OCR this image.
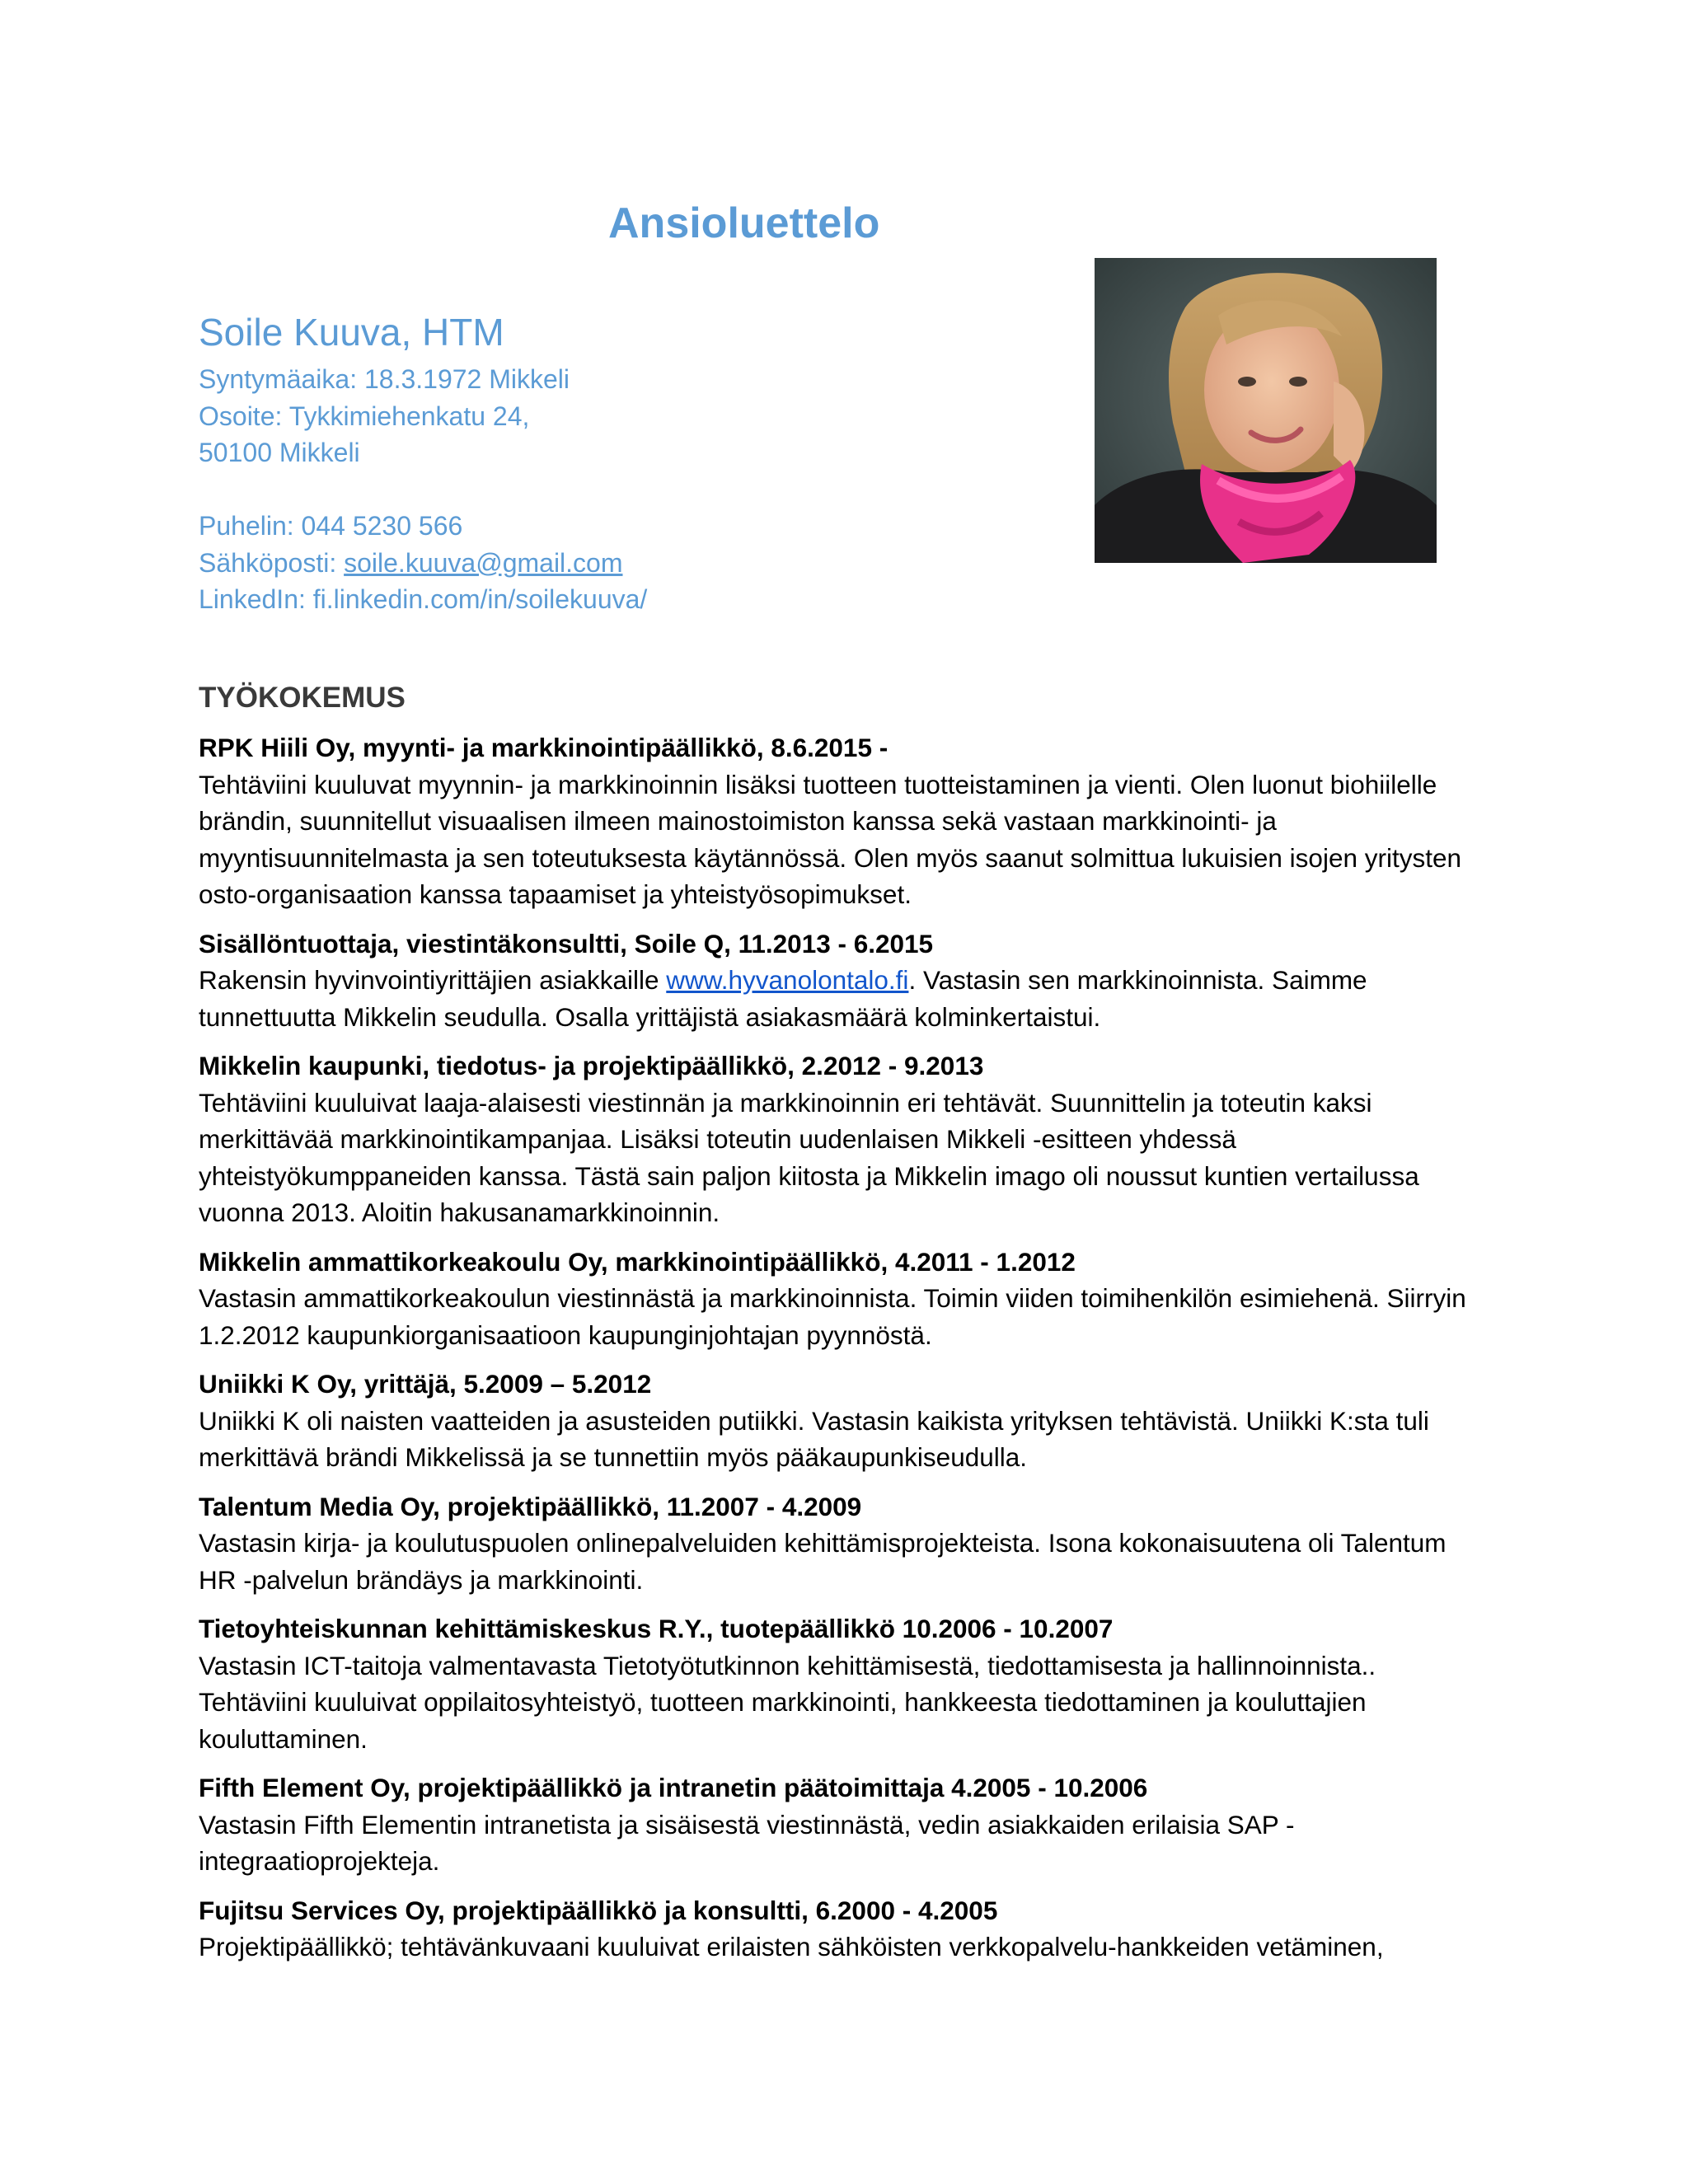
Ansioluettelo
Soile Kuuva, HTM
Syntymäaika: 18.3.1972 Mikkeli
Osoite: Tykkimiehenkatu 24,
50100 Mikkeli
Puhelin: 044 5230 566
Sähköposti: soile.kuuva@gmail.com
LinkedIn: fi.linkedin.com/in/soilekuuva/
TYÖKOKEMUS
RPK Hiili Oy, myynti- ja markkinointipäällikkö, 8.6.2015 -
Tehtäviini kuuluvat myynnin- ja markkinoinnin lisäksi tuotteen tuotteistaminen ja vienti. Olen luonut biohiilelle brändin, suunnitellut visuaalisen ilmeen mainostoimiston kanssa sekä vastaan markkinointi- ja myyntisuunnitelmasta ja sen toteutuksesta käytännössä. Olen myös saanut solmittua lukuisien isojen yritysten osto-organisaation kanssa tapaamiset ja yhteistyösopimukset.
Sisällöntuottaja, viestintäkonsultti, Soile Q, 11.2013 - 6.2015
Rakensin hyvinvointiyrittäjien asiakkaille www.hyvanolontalo.fi. Vastasin sen markkinoinnista. Saimme tunnettuutta Mikkelin seudulla. Osalla yrittäjistä asiakasmäärä kolminkertaistui.
Mikkelin kaupunki, tiedotus- ja projektipäällikkö, 2.2012 - 9.2013
Tehtäviini kuuluivat laaja-alaisesti viestinnän ja markkinoinnin eri tehtävät. Suunnittelin ja toteutin kaksi merkittävää markkinointikampanjaa. Lisäksi toteutin uudenlaisen Mikkeli -esitteen yhdessä yhteistyökumppaneiden kanssa. Tästä sain paljon kiitosta ja Mikkelin imago oli noussut kuntien vertailussa vuonna 2013. Aloitin hakusanamarkkinoinnin.
Mikkelin ammattikorkeakoulu Oy, markkinointipäällikkö, 4.2011 - 1.2012
Vastasin ammattikorkeakoulun viestinnästä ja markkinoinnista. Toimin viiden toimihenkilön esimiehenä. Siirryin 1.2.2012 kaupunkiorganisaatioon kaupunginjohtajan pyynnöstä.
Uniikki K Oy, yrittäjä, 5.2009 – 5.2012
Uniikki K oli naisten vaatteiden ja asusteiden putiikki. Vastasin kaikista yrityksen tehtävistä. Uniikki K:sta tuli merkittävä brändi Mikkelissä ja se tunnettiin myös pääkaupunkiseudulla.
Talentum Media Oy, projektipäällikkö, 11.2007 - 4.2009
Vastasin kirja- ja koulutuspuolen onlinepalveluiden kehittämisprojekteista. Isona kokonaisuutena oli Talentum HR -palvelun brändäys ja markkinointi.
Tietoyhteiskunnan kehittämiskeskus R.Y., tuotepäällikkö 10.2006 - 10.2007
Vastasin ICT-taitoja valmentavasta Tietotyötutkinnon kehittämisestä, tiedottamisesta ja hallinnoinnista.. Tehtäviini kuuluivat oppilaitosyhteistyö, tuotteen markkinointi, hankkeesta tiedottaminen ja kouluttajien kouluttaminen.
Fifth Element Oy, projektipäällikkö ja intranetin päätoimittaja 4.2005 - 10.2006
Vastasin Fifth Elementin intranetista ja sisäisestä viestinnästä, vedin asiakkaiden erilaisia SAP -integraatioprojekteja.
Fujitsu Services Oy, projektipäällikkö ja konsultti, 6.2000 - 4.2005
Projektipäällikkö; tehtävänkuvaani kuuluivat erilaisten sähköisten verkkopalvelu-hankkeiden vetäminen,
